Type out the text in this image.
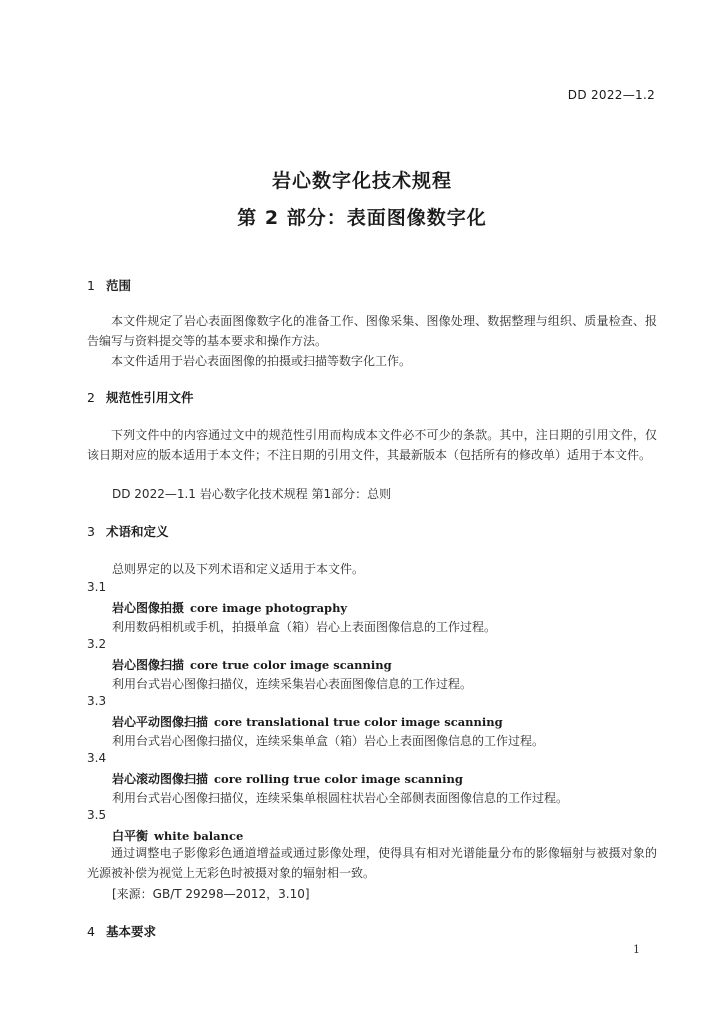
DD 2022—1.2
岩心数字化技术规程
第 2 部分：表面图像数字化
1 范围

本文件规定了岩心表面图像数字化的准备工作、图像采集、图像处理、数据整理与组织、质量检查、报告编写与资料提交等的基本要求和操作方法。

本文件适用于岩心表面图像的拍摄或扫描等数字化工作。

2 规范性引用文件

下列文件中的内容通过文中的规范性引用而构成本文件必不可少的条款。其中，注日期的引用文件，仅该日期对应的版本适用于本文件；不注日期的引用文件，其最新版本（包括所有的修改单）适用于本文件。

DD 2022—1.1 岩心数字化技术规程 第1部分：总则
3 术语和定义
总则界定的以及下列术语和定义适用于本文件。
3.1
岩心图像拍摄 core image photography
利用数码相机或手机，拍摄单盒（箱）岩心上表面图像信息的工作过程。
3.2
岩心图像扫描 core true color image scanning
利用台式岩心图像扫描仪，连续采集岩心表面图像信息的工作过程。
3.3
岩心平动图像扫描 core translational true color image scanning
利用台式岩心图像扫描仪，连续采集单盒（箱）岩心上表面图像信息的工作过程。
3.4
岩心滚动图像扫描 core rolling true color image scanning
利用台式岩心图像扫描仪，连续采集单根圆柱状岩心全部侧表面图像信息的工作过程。
3.5
白平衡 white balance

通过调整电子影像彩色通道增益或通过影像处理，使得具有相对光谱能量分布的影像辐射与被摄对象的光源被补偿为视觉上无彩色时被摄对象的辐射相一致。

[来源：GB/T 29298—2012，3.10]
4 基本要求
1
